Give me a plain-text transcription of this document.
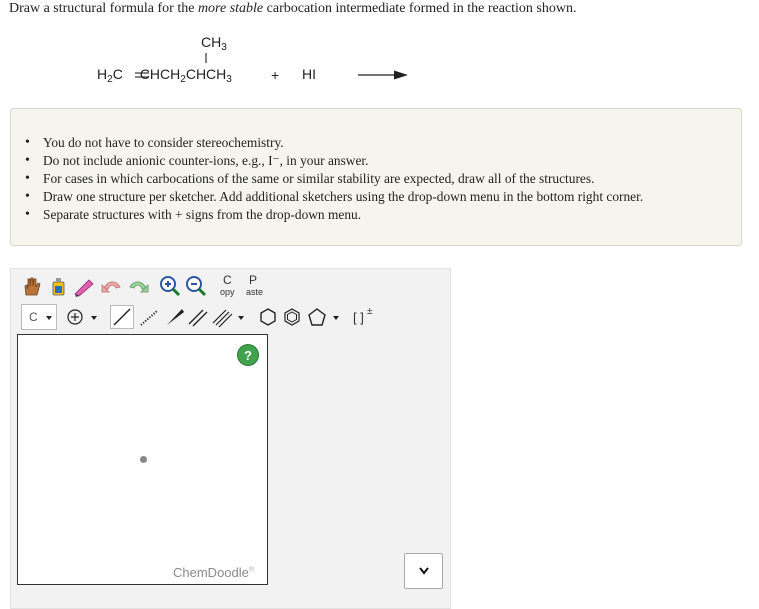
Draw a structural formula for the more stable carbocation intermediate formed in the reaction shown.
$CH_3$
$H_2C$ $CHCH_2CHCH_3$	+ HI
• You do not have to consider stereochemistry.
• Do not include anionic counter-ions, e.g., I⁻, in your answer.
• For cases in which carbocations of the same or similar stability are expected, draw all of the structures.
• Draw one structure per sketcher. Add additional sketchers using the drop-down menu in the bottom right corner.
• Separate structures with + signs from the drop-down menu.
C
opy
P
aste
C	[ ] ±
?
ChemDoodle®
